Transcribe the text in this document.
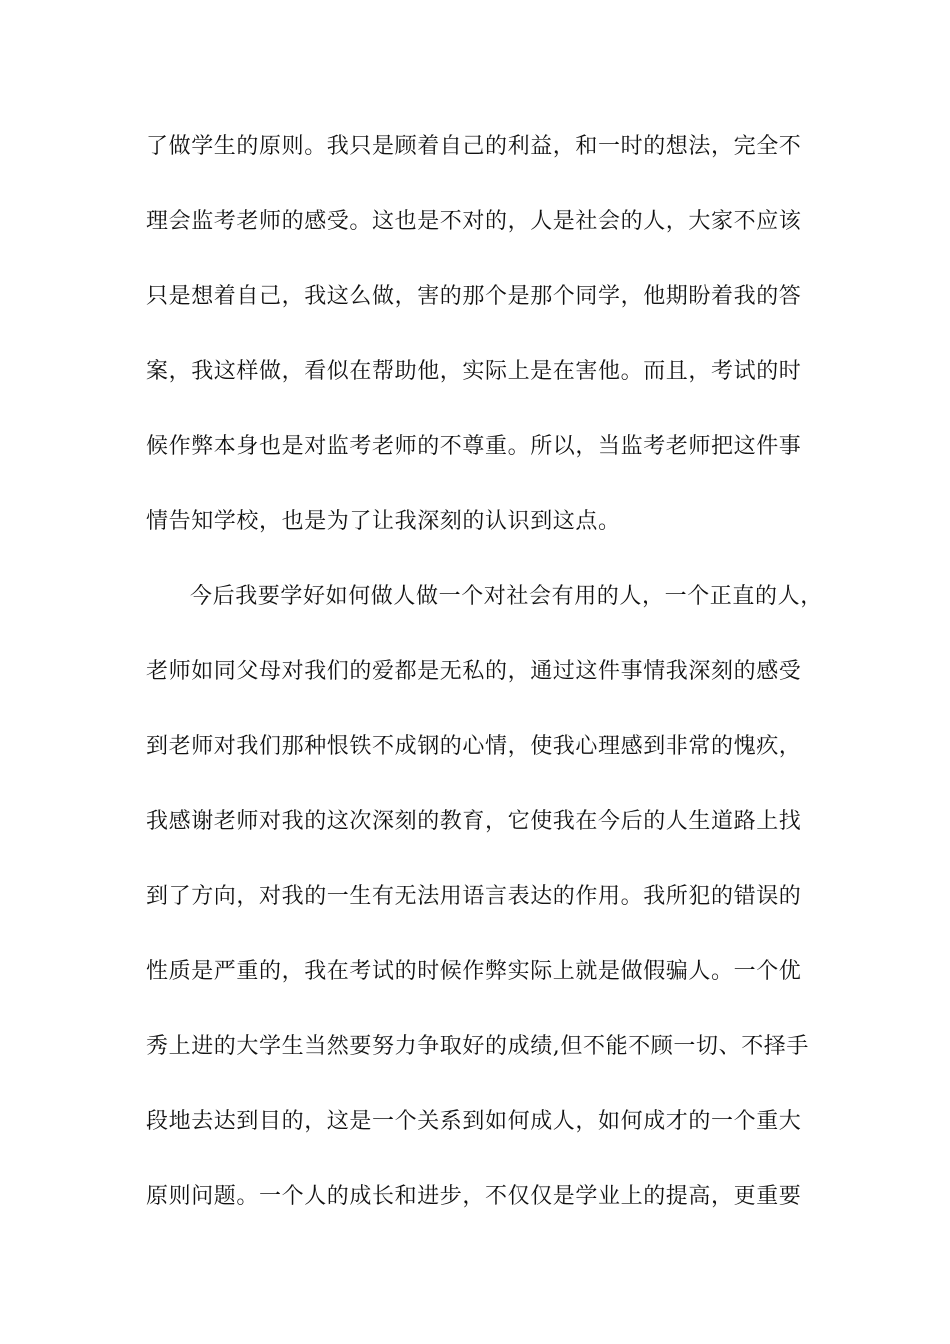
了做学生的原则。我只是顾着自己的利益，和一时的想法，完全不
理会监考老师的感受。这也是不对的，人是社会的人，大家不应该
只是想着自己，我这么做，害的那个是那个同学，他期盼着我的答
案，我这样做，看似在帮助他，实际上是在害他。而且，考试的时
候作弊本身也是对监考老师的不尊重。所以，当监考老师把这件事
情告知学校，也是为了让我深刻的认识到这点。
今后我要学好如何做人做一个对社会有用的人，一个正直的人，
老师如同父母对我们的爱都是无私的，通过这件事情我深刻的感受
到老师对我们那种恨铁不成钢的心情，使我心理感到非常的愧疚，
我感谢老师对我的这次深刻的教育，它使我在今后的人生道路上找
到了方向，对我的一生有无法用语言表达的作用。我所犯的错误的
性质是严重的，我在考试的时候作弊实际上就是做假骗人。一个优
秀上进的大学生当然要努力争取好的成绩,但不能不顾一切、不择手
段地去达到目的，这是一个关系到如何成人，如何成才的一个重大
原则问题。一个人的成长和进步，不仅仅是学业上的提高，更重要
